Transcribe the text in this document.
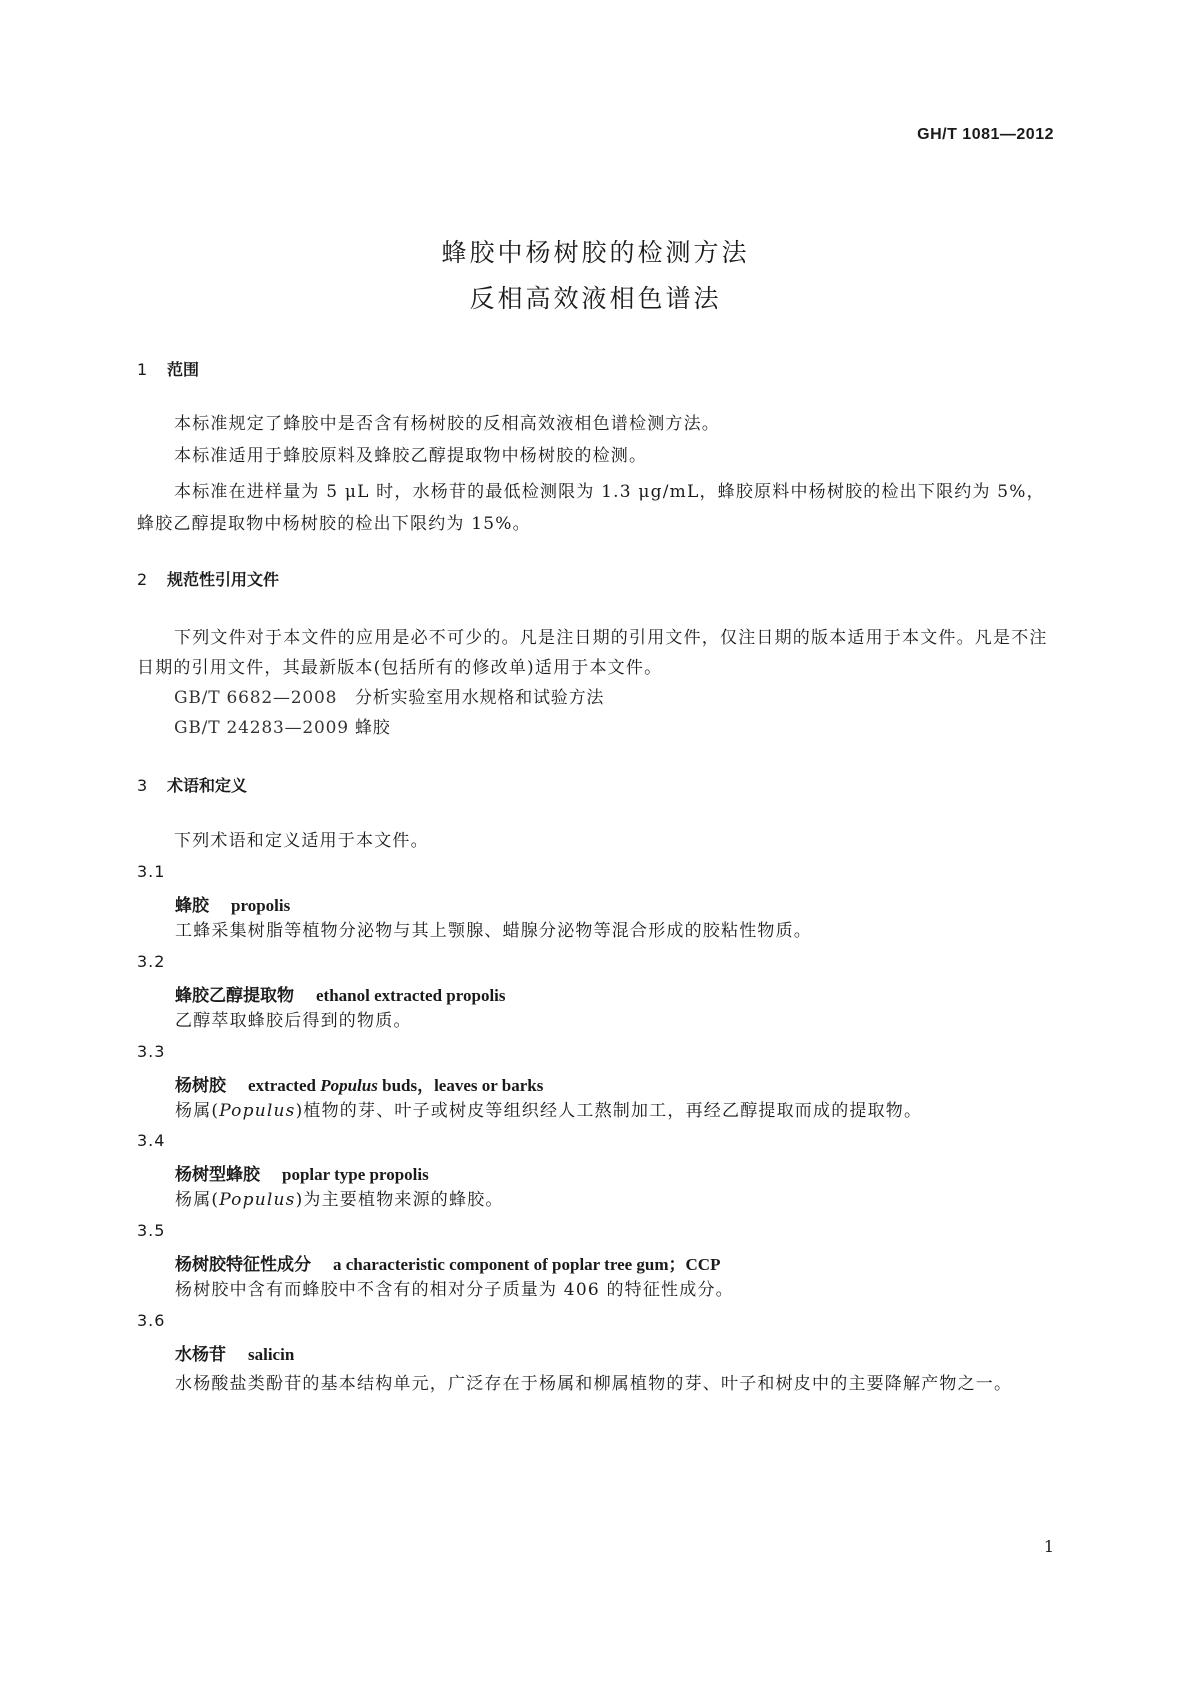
GH/T 1081—2012
蜂胶中杨树胶的检测方法
反相高效液相色谱法
1 范围
本标准规定了蜂胶中是否含有杨树胶的反相高效液相色谱检测方法。
本标准适用于蜂胶原料及蜂胶乙醇提取物中杨树胶的检测。
本标准在进样量为 5 μL 时，水杨苷的最低检测限为 1.3 μg/mL，蜂胶原料中杨树胶的检出下限约为 5%，蜂胶乙醇提取物中杨树胶的检出下限约为 15%。
2 规范性引用文件
下列文件对于本文件的应用是必不可少的。凡是注日期的引用文件，仅注日期的版本适用于本文件。凡是不注日期的引用文件，其最新版本(包括所有的修改单)适用于本文件。
GB/T 6682—2008 分析实验室用水规格和试验方法
GB/T 24283—2009 蜂胶
3 术语和定义
下列术语和定义适用于本文件。
3.1
蜂胶 propolis
工蜂采集树脂等植物分泌物与其上颚腺、蜡腺分泌物等混合形成的胶粘性物质。
3.2
蜂胶乙醇提取物 ethanol extracted propolis
乙醇萃取蜂胶后得到的物质。
3.3
杨树胶 extracted Populus buds，leaves or barks
杨属(Populus)植物的芽、叶子或树皮等组织经人工熬制加工，再经乙醇提取而成的提取物。
3.4
杨树型蜂胶 poplar type propolis
杨属(Populus)为主要植物来源的蜂胶。
3.5
杨树胶特征性成分 a characteristic component of poplar tree gum；CCP
杨树胶中含有而蜂胶中不含有的相对分子质量为 406 的特征性成分。
3.6
水杨苷 salicin
水杨酸盐类酚苷的基本结构单元，广泛存在于杨属和柳属植物的芽、叶子和树皮中的主要降解产物之一。
1
